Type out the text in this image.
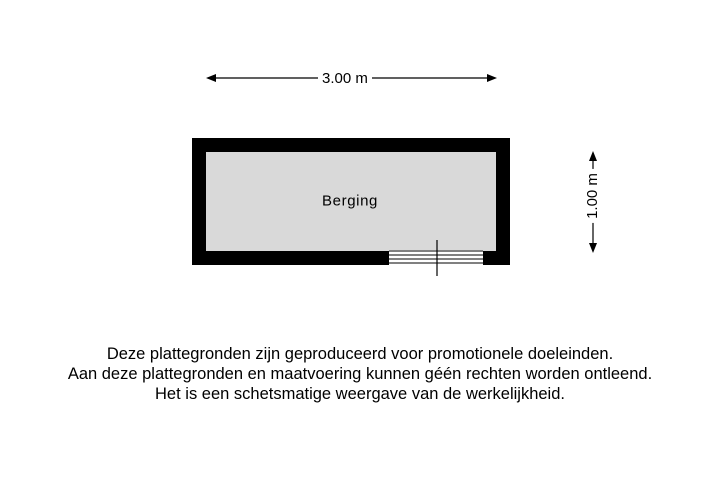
3.00 m
1.00 m
Berging
Deze plattegronden zijn geproduceerd voor promotionele doeleinden.
Aan deze plattegronden en maatvoering kunnen géén rechten worden ontleend.
Het is een schetsmatige weergave van de werkelijkheid.
